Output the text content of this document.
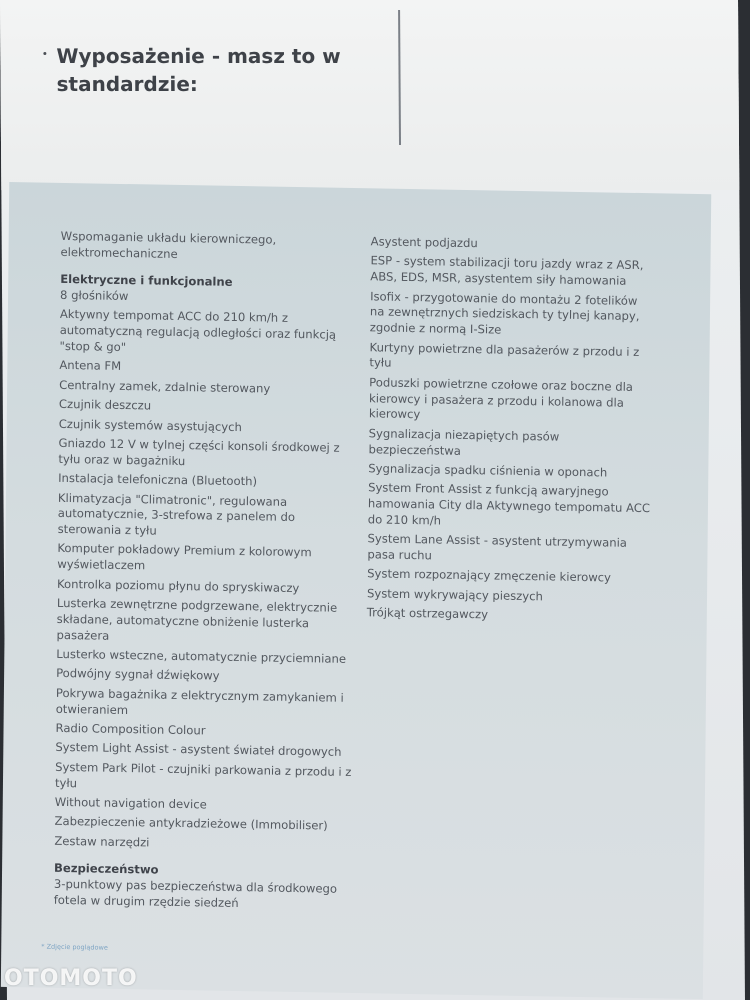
Wyposażenie - masz to w standardzie:
Wspomaganie układu kierowniczego, elektromechaniczne
Elektryczne i funkcjonalne
8 głośników
Aktywny tempomat ACC do 210 km/h z automatyczną regulacją odległości oraz funkcją "stop & go"
Antena FM
Centralny zamek, zdalnie sterowany
Czujnik deszczu
Czujnik systemów asystujących
Gniazdo 12 V w tylnej części konsoli środkowej z tyłu oraz w bagażniku
Instalacja telefoniczna (Bluetooth)
Klimatyzacja "Climatronic", regulowana automatycznie, 3-strefowa z panelem do sterowania z tyłu
Komputer pokładowy Premium z kolorowym wyświetlaczem
Kontrolka poziomu płynu do spryskiwaczy
Lusterka zewnętrzne podgrzewane, elektrycznie składane, automatyczne obniżenie lusterka pasażera
Lusterko wsteczne, automatycznie przyciemniane
Podwójny sygnał dźwiękowy
Pokrywa bagażnika z elektrycznym zamykaniem i otwieraniem
Radio Composition Colour
System Light Assist - asystent świateł drogowych
System Park Pilot - czujniki parkowania z przodu i z tyłu
Without navigation device
Zabezpieczenie antykradzieżowe (Immobiliser)
Zestaw narzędzi
Bezpieczeństwo
3-punktowy pas bezpieczeństwa dla środkowego fotela w drugim rzędzie siedzeń
Asystent podjazdu
ESP - system stabilizacji toru jazdy wraz z ASR, ABS, EDS, MSR, asystentem siły hamowania
Isofix - przygotowanie do montażu 2 fotelików na zewnętrznych siedziskach ty tylnej kanapy, zgodnie z normą I-Size
Kurtyny powietrzne dla pasażerów z przodu i z tyłu
Poduszki powietrzne czołowe oraz boczne dla kierowcy i pasażera z przodu i kolanowa dla kierowcy
Sygnalizacja niezapiętych pasów bezpieczeństwa
Sygnalizacja spadku ciśnienia w oponach
System Front Assist z funkcją awaryjnego hamowania City dla Aktywnego tempomatu ACC do 210 km/h
System Lane Assist - asystent utrzymywania pasa ruchu
System rozpoznający zmęczenie kierowcy
System wykrywający pieszych
Trójkąt ostrzegawczy
* Zdjęcie poglądowe
OTOMOTO
